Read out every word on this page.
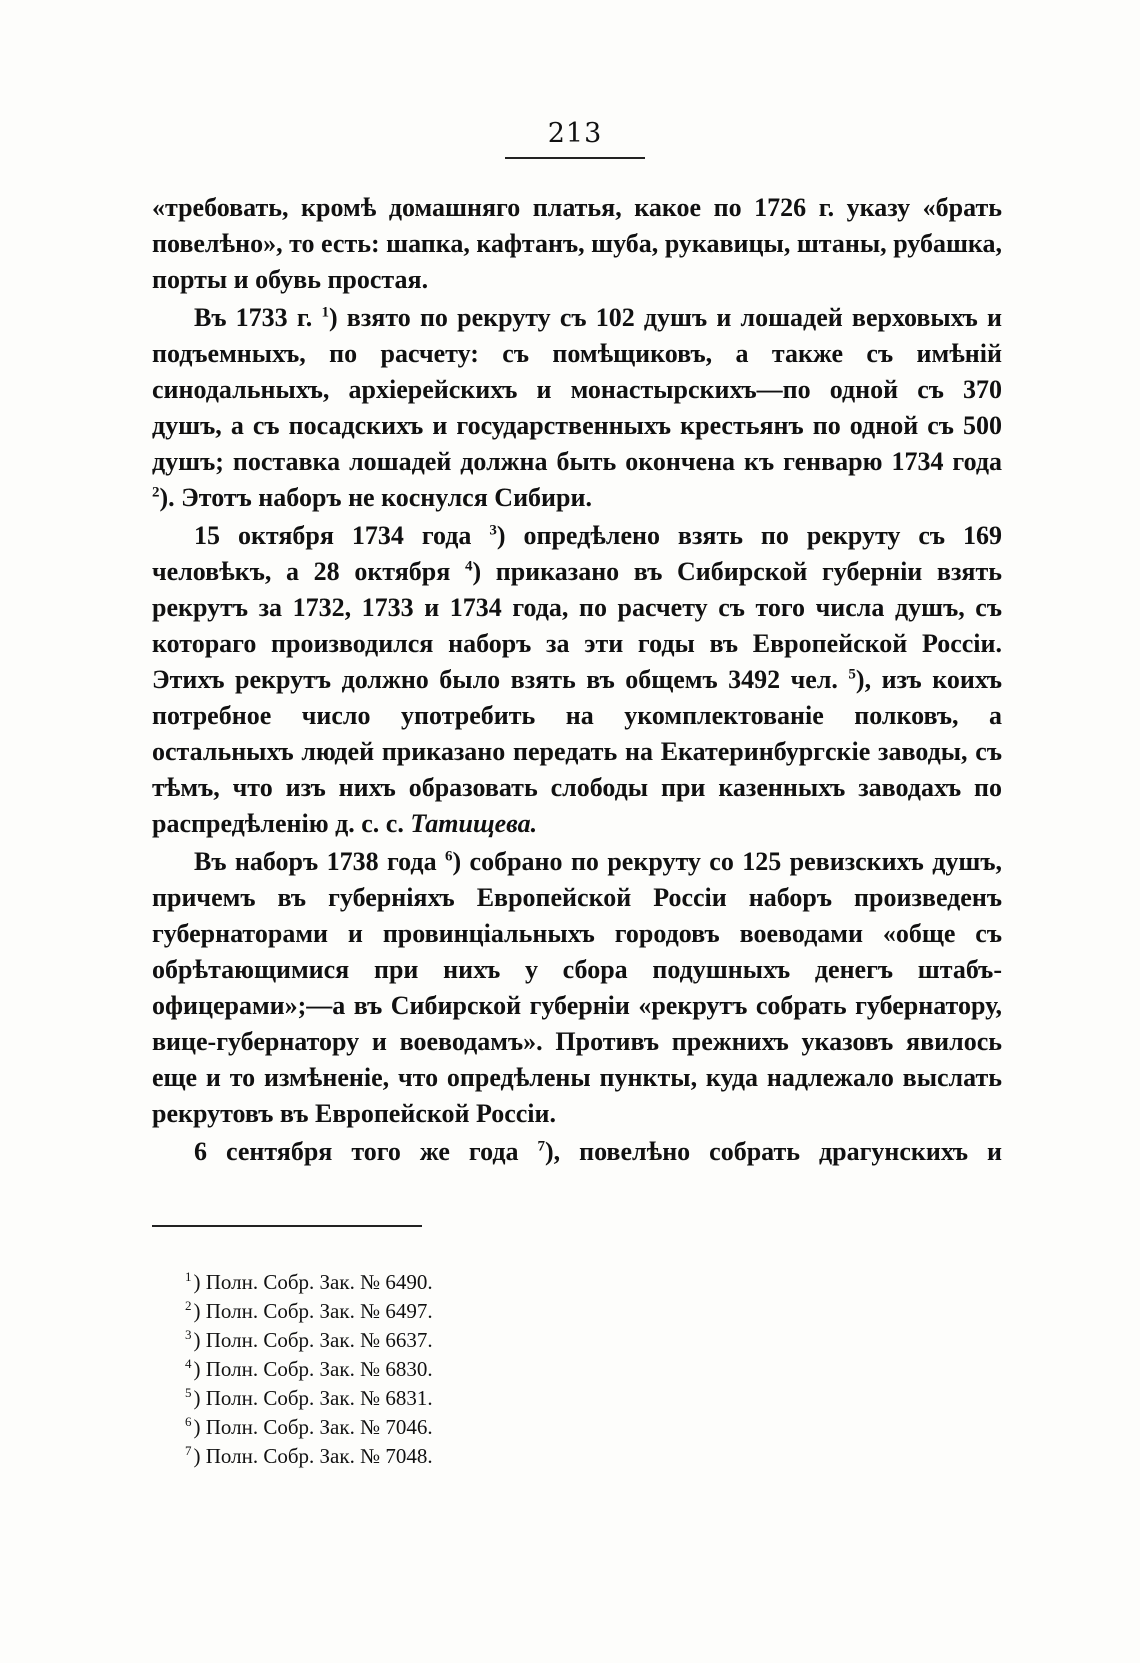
213

«требовать, кромѣ домашняго платья, какое по 1726 г. указу «брать повелѣно», то есть: шапка, кафтанъ, шуба, рукавицы, штаны, рубашка, порты и обувь простая.

Въ 1733 г. $^1$) взято по рекруту съ 102 душъ и лошадей верховыхъ и подъемныхъ, по расчету: съ помѣщиковъ, а также съ имѣній синодальныхъ, архiерейскихъ и монастырскихъ—по одной съ 370 душъ, а съ посадскихъ и государственныхъ крестьянъ по одной съ 500 душъ; поставка лошадей должна быть окончена къ генварю 1734 года $^2$). Этотъ наборъ не коснулся Сибири.

15 октября 1734 года $^3$) опредѣлено взять по рекруту съ 169 человѣкъ, а 28 октября $^4$) приказано въ Сибирской губернiи взять рекрутъ за 1732, 1733 и 1734 года, по расчету съ того числа душъ, съ котораго производился наборъ за эти годы въ Европейской Россiи. Этихъ рекрутъ должно было взять въ общемъ 3492 чел. $^5$), изъ коихъ потребное число употребить на укомплектованiе полковъ, а остальныхъ людей приказано передать на Екатеринбургскiе заводы, съ тѣмъ, что изъ нихъ образовать слободы при казенныхъ заводахъ по распредѣленiю д. с. с. Татищева.

Въ наборъ 1738 года $^6$) собрано по рекруту со 125 ревизскихъ душъ, причемъ въ губернiяхъ Европейской Россiи наборъ произведенъ губернаторами и провинцiальныхъ городовъ воеводами «обще съ обрѣтающимися при нихъ у сбора подушныхъ денегъ штабъ-офицерами»;—а въ Сибирской губернiи «рекрутъ собрать губернатору, вице-губернатору и воеводамъ». Противъ прежнихъ указовъ явилось еще и то измѣненiе, что опредѣлены пункты, куда надлежало выслать рекрутовъ въ Европейской Россiи.

6 сентября того же года $^7$), повелѣно собрать драгунскихъ и

$^1$) Полн. Собр. Зак. № 6490.
$^2$) Полн. Собр. Зак. № 6497.
$^3$) Полн. Собр. Зак. № 6637.
$^4$) Полн. Собр. Зак. № 6830.
$^5$) Полн. Собр. Зак. № 6831.
$^6$) Полн. Собр. Зак. № 7046.
$^7$) Полн. Собр. Зак. № 7048.
